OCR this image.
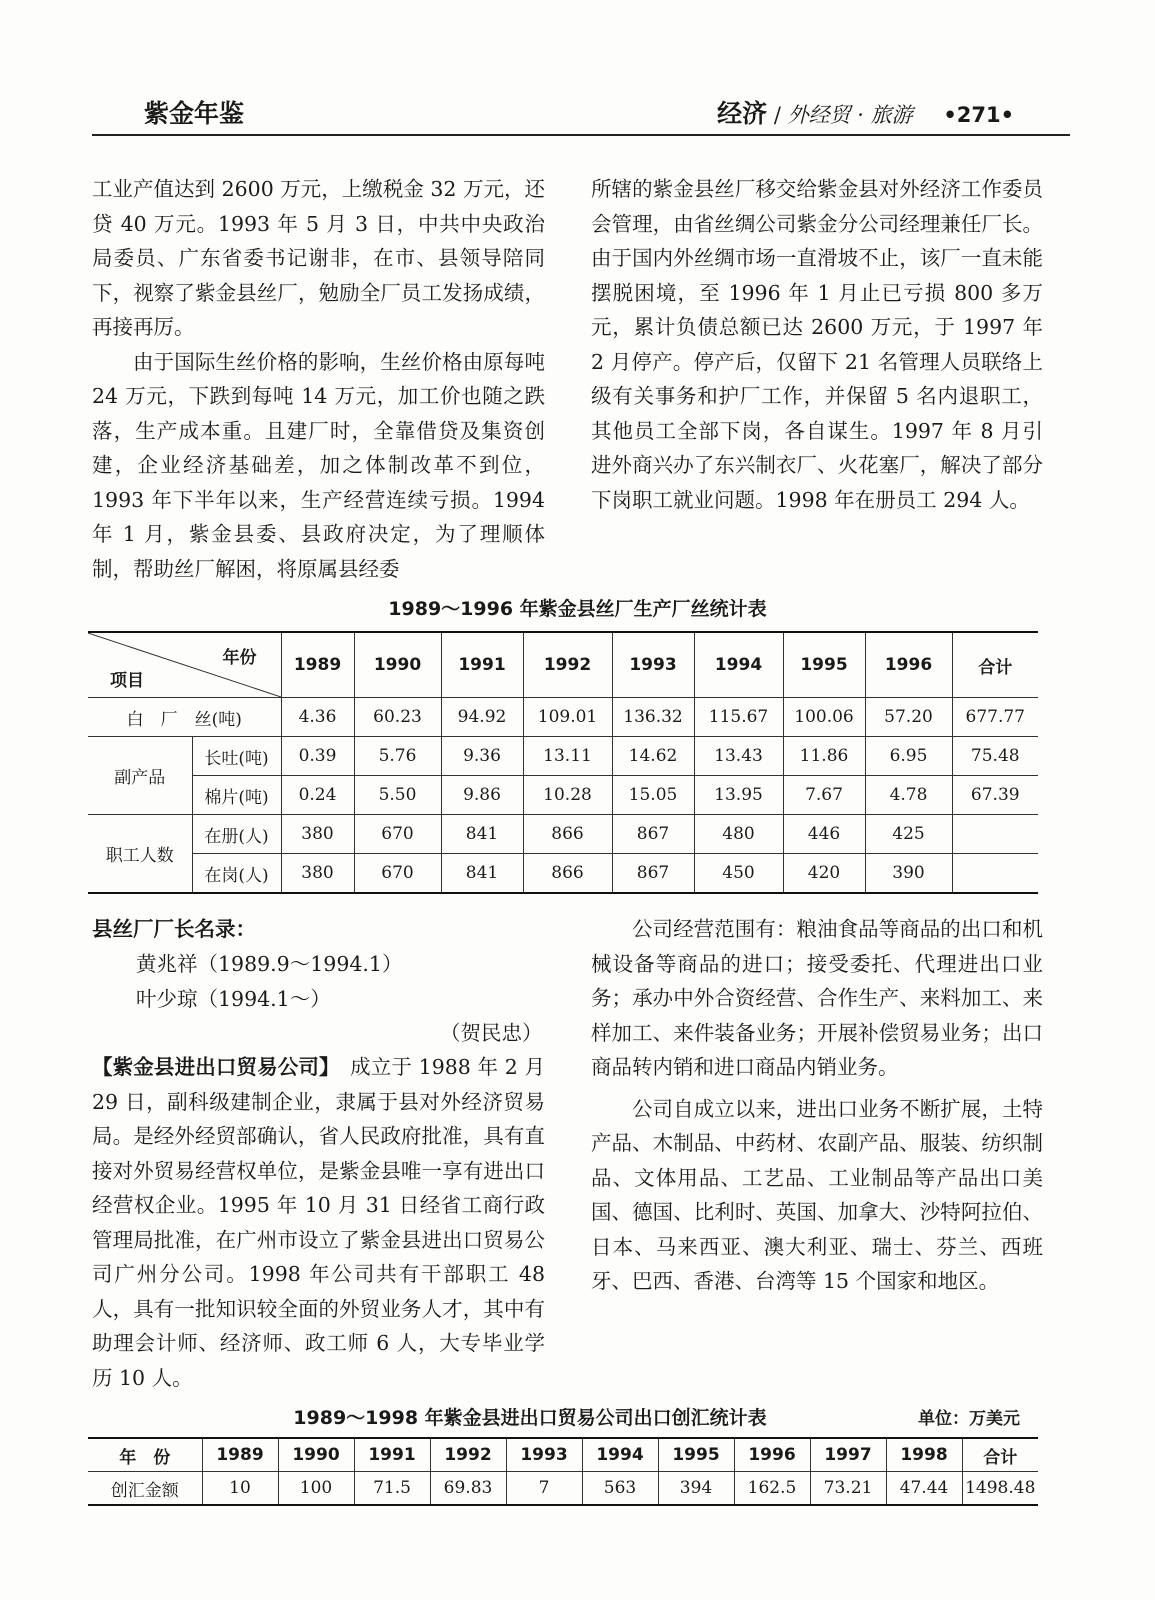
紫金年鉴	经济 / 外经贸 · 旅游 •271•

工业产值达到 2600 万元，上缴税金 32 万元，还贷 40 万元。1993 年 5 月 3 日，中共中央政治局委员、广东省委书记谢非，在市、县领导陪同下，视察了紫金县丝厂，勉励全厂员工发扬成绩，再接再厉。

由于国际生丝价格的影响，生丝价格由原每吨 24 万元，下跌到每吨 14 万元，加工价也随之跌落，生产成本重。且建厂时，全靠借贷及集资创建，企业经济基础差，加之体制改革不到位，1993 年下半年以来，生产经营连续亏损。1994 年 1 月，紫金县委、县政府决定，为了理顺体制，帮助丝厂解困，将原属县经委

所辖的紫金县丝厂移交给紫金县对外经济工作委员会管理，由省丝绸公司紫金分公司经理兼任厂长。由于国内外丝绸市场一直滑坡不止，该厂一直未能摆脱困境，至 1996 年 1 月止已亏损 800 多万元，累计负债总额已达 2600 万元，于 1997 年 2 月停产。停产后，仅留下 21 名管理人员联络上级有关事务和护厂工作，并保留 5 名内退职工，其他员工全部下岗，各自谋生。1997 年 8 月引进外商兴办了东兴制衣厂、火花塞厂，解决了部分下岗职工就业问题。1998 年在册员工 294 人。

1989～1996 年紫金县丝厂生产厂丝统计表
年份
项目		1989	1990	1991	1992	1993	1994	1995	1996	合计
白　厂　丝(吨)		4.36	60.23	94.92	109.01	136.32	115.67	100.06	57.20	677.77
副产品	长吐(吨)	0.39	5.76	9.36	13.11	14.62	13.43	11.86	6.95	75.48
	棉片(吨)	0.24	5.50	9.86	10.28	15.05	13.95	7.67	4.78	67.39
职工人数	在册(人)	380	670	841	866	867	480	446	425	
	在岗(人)	380	670	841	866	867	450	420	390	
县丝厂厂长名录：
黄兆祥（1989.9～1994.1）
叶少琼（1994.1～）
（贺民忠）

【紫金县进出口贸易公司】　成立于 1988 年 2 月 29 日，副科级建制企业，隶属于县对外经济贸易局。是经外经贸部确认，省人民政府批准，具有直接对外贸易经营权单位，是紫金县唯一享有进出口经营权企业。1995 年 10 月 31 日经省工商行政管理局批准，在广州市设立了紫金县进出口贸易公司广州分公司。1998 年公司共有干部职工 48 人，具有一批知识较全面的外贸业务人才，其中有助理会计师、经济师、政工师 6 人，大专毕业学历 10 人。

公司经营范围有：粮油食品等商品的出口和机械设备等商品的进口；接受委托、代理进出口业务；承办中外合资经营、合作生产、来料加工、来样加工、来件装备业务；开展补偿贸易业务；出口商品转内销和进口商品内销业务。

公司自成立以来，进出口业务不断扩展，土特产品、木制品、中药材、农副产品、服装、纺织制品、文体用品、工艺品、工业制品等产品出口美国、德国、比利时、英国、加拿大、沙特阿拉伯、日本、马来西亚、澳大利亚、瑞士、芬兰、西班牙、巴西、香港、台湾等 15 个国家和地区。

1989～1998 年紫金县进出口贸易公司出口创汇统计表	单位：万美元
年　份	1989	1990	1991	1992	1993	1994	1995	1996	1997	1998	合计
创汇金额	10	100	71.5	69.83	7	563	394	162.5	73.21	47.44	1498.48
